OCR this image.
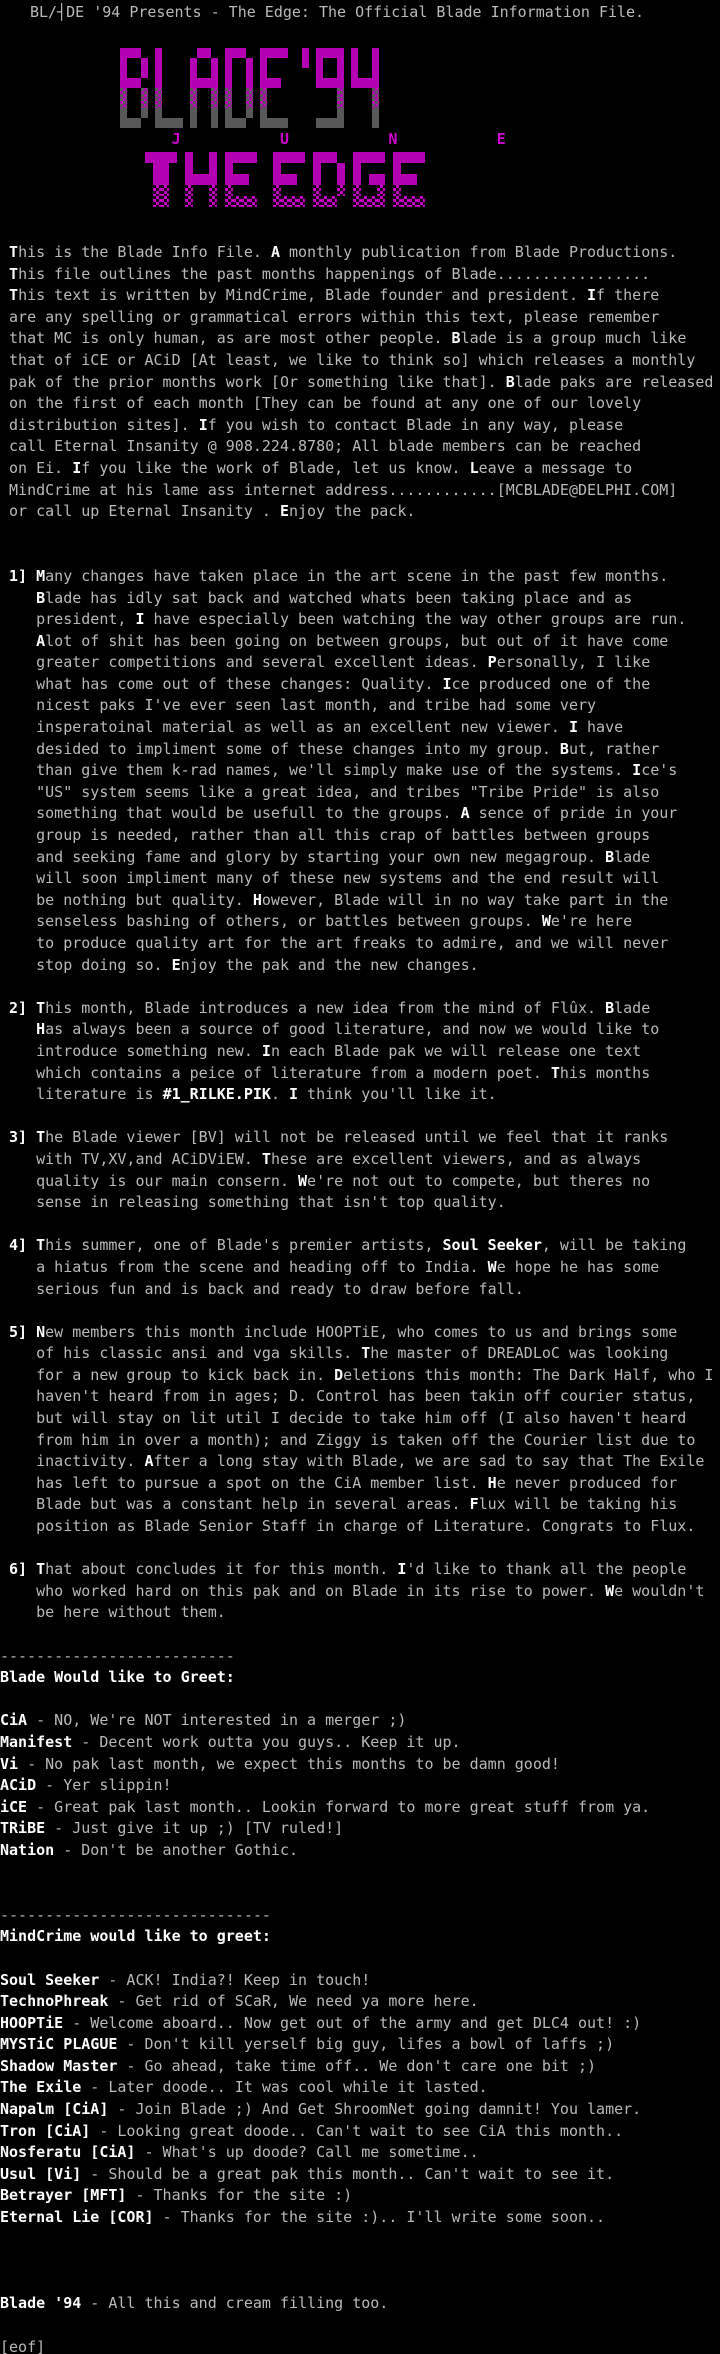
BL/┤DE '94 Presents - The Edge: The Official Blade Information File.
J           U           N           E
This is the Blade Info File. A monthly publication from Blade Productions.
This file outlines the past months happenings of Blade.................
This text is written by MindCrime, Blade founder and president. If there
are any spelling or grammatical errors within this text, please remember
that MC is only human, as are most other people. Blade is a group much like
that of iCE or ACiD [At least, we like to think so] which releases a monthly
pak of the prior months work [Or something like that]. Blade paks are released
on the first of each month [They can be found at any one of our lovely
distribution sites]. If you wish to contact Blade in any way, please
call Eternal Insanity @ 908.224.8780; All blade members can be reached
on Ei. If you like the work of Blade, let us know. Leave a message to
MindCrime at his lame ass internet address............[MCBLADE@DELPHI.COM]
or call up Eternal Insanity . Enjoy the pack.
1] Many changes have taken place in the art scene in the past few months.
Blade has idly sat back and watched whats been taking place and as
president, I have especially been watching the way other groups are run.
Alot of shit has been going on between groups, but out of it have come
greater competitions and several excellent ideas. Personally, I like
what has come out of these changes: Quality. Ice produced one of the
nicest paks I've ever seen last month, and tribe had some very
insperatoinal material as well as an excellent new viewer. I have
desided to impliment some of these changes into my group. But, rather
than give them k-rad names, we'll simply make use of the systems. Ice's
"US" system seems like a great idea, and tribes "Tribe Pride" is also
something that would be usefull to the groups. A sence of pride in your
group is needed, rather than all this crap of battles between groups
and seeking fame and glory by starting your own new megagroup. Blade
will soon impliment many of these new systems and the end result will
be nothing but quality. However, Blade will in no way take part in the
senseless bashing of others, or battles between groups. We're here
to produce quality art for the art freaks to admire, and we will never
stop doing so. Enjoy the pak and the new changes.
2] This month, Blade introduces a new idea from the mind of Flûx. Blade
Has always been a source of good literature, and now we would like to
introduce something new. In each Blade pak we will release one text
which contains a peice of literature from a modern poet. This months
literature is #1_RILKE.PIK. I think you'll like it.
3] The Blade viewer [BV] will not be released until we feel that it ranks
with TV,XV,and ACiDViEW. These are excellent viewers, and as always
quality is our main consern. We're not out to compete, but theres no
sense in releasing something that isn't top quality.
4] This summer, one of Blade's premier artists, Soul Seeker, will be taking
a hiatus from the scene and heading off to India. We hope he has some
serious fun and is back and ready to draw before fall.
5] New members this month include HOOPTiE, who comes to us and brings some
of his classic ansi and vga skills. The master of DREADLoC was looking
for a new group to kick back in. Deletions this month: The Dark Half, who I
haven't heard from in ages; D. Control has been takin off courier status,
but will stay on lit util I decide to take him off (I also haven't heard
from him in over a month); and Ziggy is taken off the Courier list due to
inactivity. After a long stay with Blade, we are sad to say that The Exile
has left to pursue a spot on the CiA member list. He never produced for
Blade but was a constant help in several areas. Flux will be taking his
position as Blade Senior Staff in charge of Literature. Congrats to Flux.
6] That about concludes it for this month. I'd like to thank all the people
who worked hard on this pak and on Blade in its rise to power. We wouldn't
be here without them.
--------------------------
Blade Would like to Greet:
CiA - NO, We're NOT interested in a merger ;)
Manifest - Decent work outta you guys.. Keep it up.
Vi - No pak last month, we expect this months to be damn good!
ACiD - Yer slippin!
iCE - Great pak last month.. Lookin forward to more great stuff from ya.
TRiBE - Just give it up ;) [TV ruled!]
Nation - Don't be another Gothic.
------------------------------
MindCrime would like to greet:
Soul Seeker - ACK! India?! Keep in touch!
TechnoPhreak - Get rid of SCaR, We need ya more here.
HOOPTiE - Welcome aboard.. Now get out of the army and get DLC4 out! :)
MYSTiC PLAGUE - Don't kill yerself big guy, lifes a bowl of laffs ;)
Shadow Master - Go ahead, take time off.. We don't care one bit ;)
The Exile - Later doode.. It was cool while it lasted.
Napalm [CiA] - Join Blade ;) And Get ShroomNet going damnit! You lamer.
Tron [CiA] - Looking great doode.. Can't wait to see CiA this month..
Nosferatu [CiA] - What's up doode? Call me sometime..
Usul [Vi] - Should be a great pak this month.. Can't wait to see it.
Betrayer [MFT] - Thanks for the site :)
Eternal Lie [COR] - Thanks for the site :).. I'll write some soon..
Blade '94 - All this and cream filling too.
[eof]
